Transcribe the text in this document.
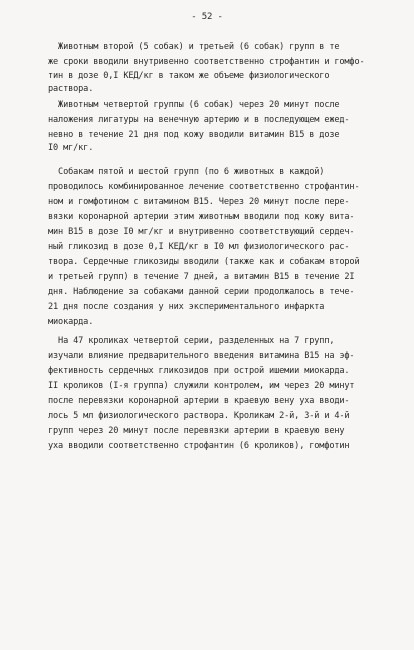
- 52 -
Животным второй (5 собак) и третьей (6 собак) групп в те
же сроки вводили внутривенно соответственно строфантин и гомфо-
тин в дозе 0,I КЕД/кг в таком же объеме физиологического
раствора.
Животным четвертой группы (6 собак) через 20 минут после
наложения лигатуры на венечную артерию и в последующем ежед-
невно в течение 21 дня под кожу вводили витамин B15 в дозе
I0 мг/кг.
Собакам пятой и шестой групп (по 6 животных в каждой)
проводилось комбинированное лечение соответственно строфантин-
ном и гомфотином с витамином B15. Через 20 минут после пере-
вязки коронарной артерии этим животным вводили под кожу вита-
мин B15 в дозе I0 мг/кг и внутривенно соответствующий сердеч-
ный гликозид в дозе 0,I КЕД/кг в I0 мл физиологического рас-
твора. Сердечные гликозиды вводили (также как и собакам второй
и третьей групп) в течение 7 дней, а витамин B15 в течение 2I
дня. Наблюдение за собаками данной серии продолжалось в тече-
21 дня после создания у них экспериментального инфаркта
миокарда.
На 47 кроликах четвертой серии, разделенных на 7 групп,
изучали влияние предварительного введения витамина B15 на эф-
фективность сердечных гликозидов при острой ишемии миокарда.
II кроликов (I-я группа) служили контролем, им через 20 минут
после перевязки коронарной артерии в краевую вену уха вводи-
лось 5 мл физиологического раствора. Кроликам 2-й, 3-й и 4-й
групп через 20 минут после перевязки артерии в краевую вену
уха вводили соответственно строфантин (6 кроликов), гомфотин
